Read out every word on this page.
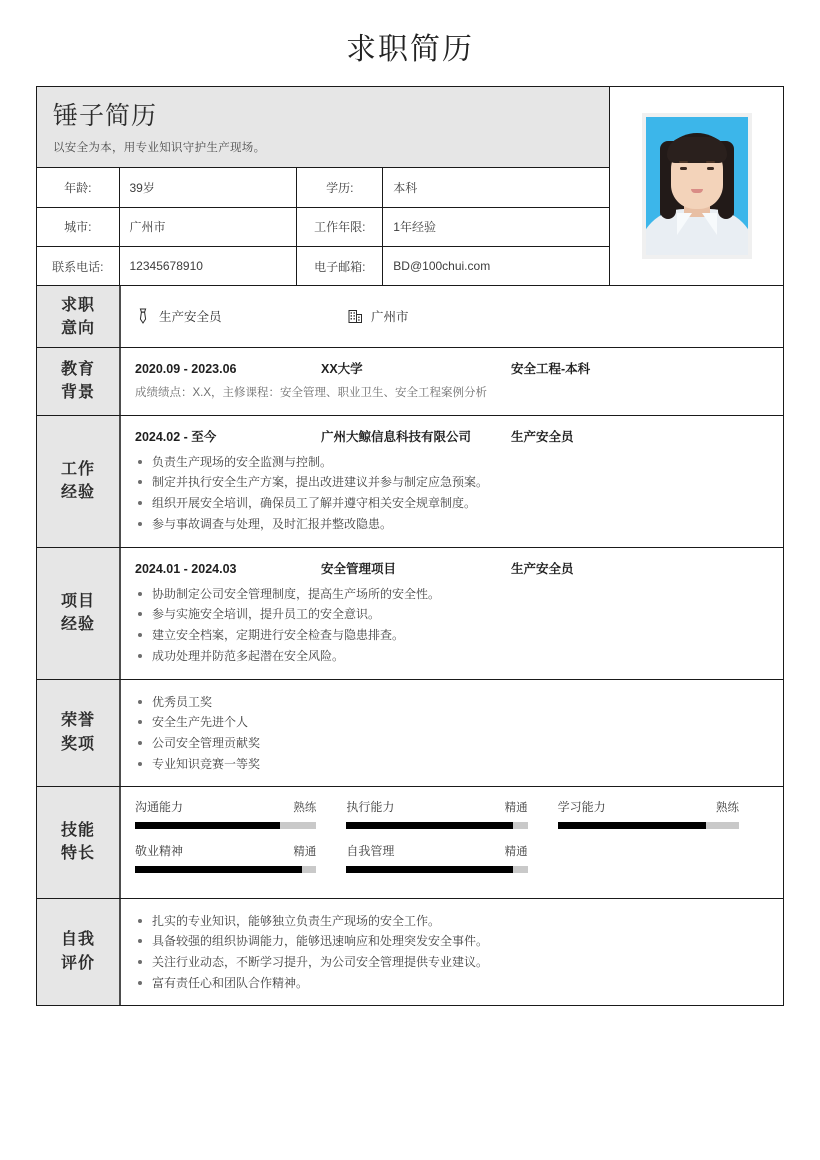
求职简历
锤子简历
以安全为本，用专业知识守护生产现场。
年龄:	39岁	学历:	本科
城市:	广州市	工作年限:	1年经验
联系电话:	12345678910	电子邮箱:	BD@100chui.com
求职
意向
生产安全员	广州市
教育
背景
2020.09 - 2023.06	XX大学	安全工程-本科
成绩绩点：X.X，主修课程：安全管理、职业卫生、安全工程案例分析
工作
经验
2024.02 - 至今	广州大鲸信息科技有限公司	生产安全员
负责生产现场的安全监测与控制。
制定并执行安全生产方案，提出改进建议并参与制定应急预案。
组织开展安全培训，确保员工了解并遵守相关安全规章制度。
参与事故调查与处理，及时汇报并整改隐患。
项目
经验
2024.01 - 2024.03	安全管理项目	生产安全员
协助制定公司安全管理制度，提高生产场所的安全性。
参与实施安全培训，提升员工的安全意识。
建立安全档案，定期进行安全检查与隐患排查。
成功处理并防范多起潜在安全风险。
荣誉
奖项
优秀员工奖
安全生产先进个人
公司安全管理贡献奖
专业知识竞赛一等奖
技能
特长
沟通能力	熟练	执行能力	精通	学习能力	熟练
敬业精神	精通	自我管理	精通
自我
评价
扎实的专业知识，能够独立负责生产现场的安全工作。
具备较强的组织协调能力，能够迅速响应和处理突发安全事件。
关注行业动态，不断学习提升，为公司安全管理提供专业建议。
富有责任心和团队合作精神。
